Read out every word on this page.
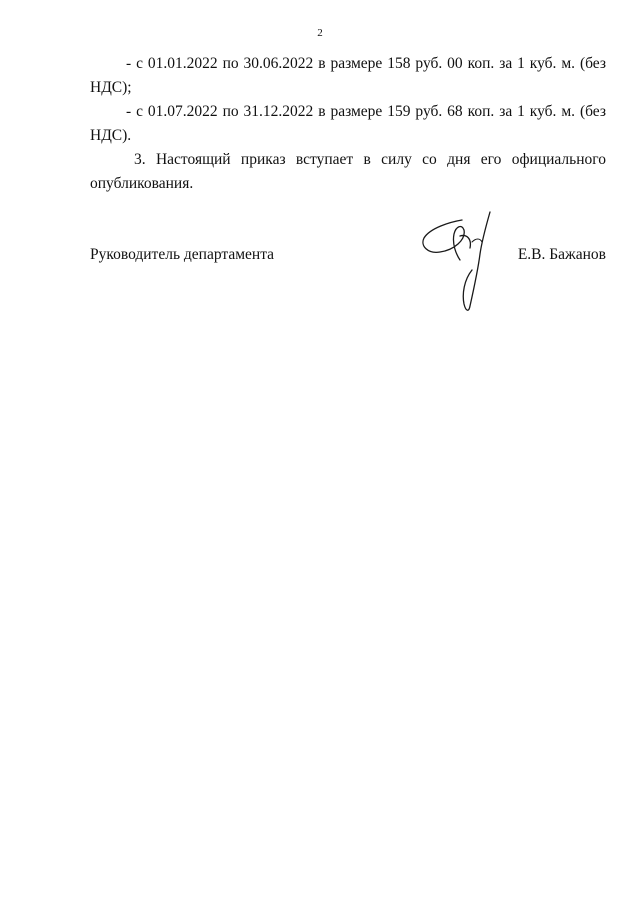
2

- с 01.01.2022 по 30.06.2022 в размере 158 руб. 00 коп. за 1 куб. м. (без НДС);

- с 01.07.2022 по 31.12.2022 в размере 159 руб. 68 коп. за 1 куб. м. (без НДС).

3. Настоящий приказ вступает в силу со дня его официального опубликования.

Руководитель департамента	Е.В. Бажанов
